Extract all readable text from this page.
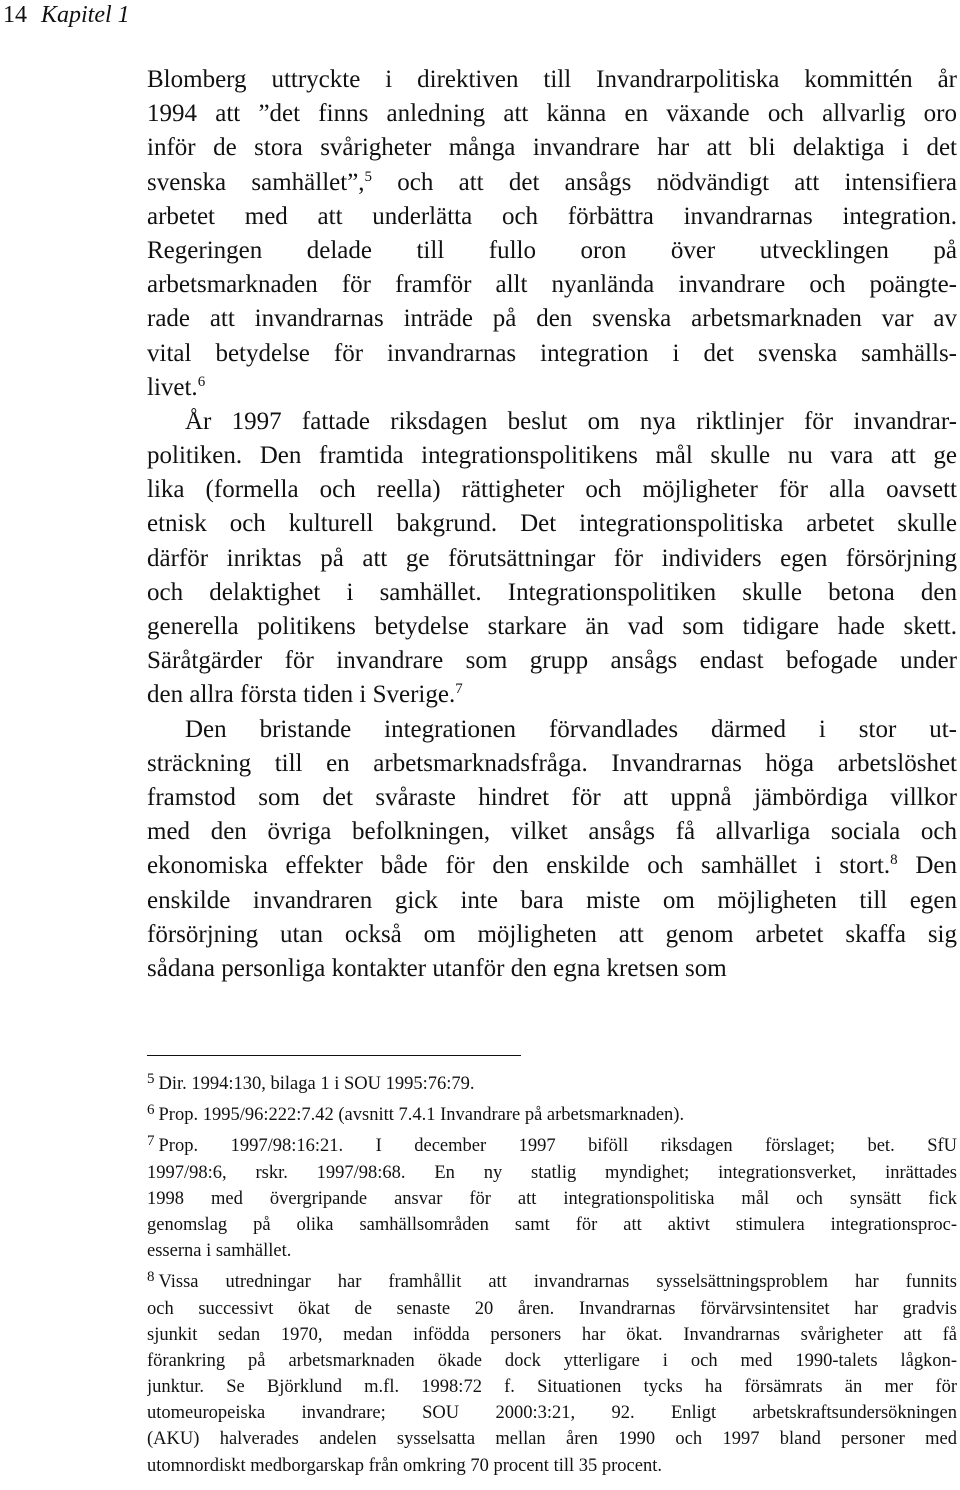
14 Kapitel 1
Blomberg uttryckte i direktiven till Invandrarpolitiska kommittén år
1994 att ”det finns anledning att känna en växande och allvarlig oro
inför de stora svårigheter många invandrare har att bli delaktiga i det
svenska samhället”,$^5$ och att det ansågs nödvändigt att intensifiera
arbetet med att underlätta och förbättra invandrarnas integration.
Regeringen delade till fullo oron över utvecklingen på
arbetsmarknaden för framför allt nyanlända invandrare och poängte-
rade att invandrarnas inträde på den svenska arbetsmarknaden var av
vital betydelse för invandrarnas integration i det svenska samhälls-
livet.$^6$
År 1997 fattade riksdagen beslut om nya riktlinjer för invandrar-
politiken. Den framtida integrationspolitikens mål skulle nu vara att ge
lika (formella och reella) rättigheter och möjligheter för alla oavsett
etnisk och kulturell bakgrund. Det integrationspolitiska arbetet skulle
därför inriktas på att ge förutsättningar för individers egen försörjning
och delaktighet i samhället. Integrationspolitiken skulle betona den
generella politikens betydelse starkare än vad som tidigare hade skett.
Säråtgärder för invandrare som grupp ansågs endast befogade under
den allra första tiden i Sverige.$^7$
Den bristande integrationen förvandlades därmed i stor ut-
sträckning till en arbetsmarknadsfråga. Invandrarnas höga arbetslöshet
framstod som det svåraste hindret för att uppnå jämbördiga villkor
med den övriga befolkningen, vilket ansågs få allvarliga sociala och
ekonomiska effekter både för den enskilde och samhället i stort.$^8$ Den
enskilde invandraren gick inte bara miste om möjligheten till egen
försörjning utan också om möjligheten att genom arbetet skaffa sig
sådana personliga kontakter utanför den egna kretsen som
$^5$ Dir. 1994:130, bilaga 1 i SOU 1995:76:79.
$^6$ Prop. 1995/96:222:7.42 (avsnitt 7.4.1 Invandrare på arbetsmarknaden).
$^7$ Prop. 1997/98:16:21. I december 1997 biföll riksdagen förslaget; bet. SfU
1997/98:6, rskr. 1997/98:68. En ny statlig myndighet; integrationsverket, inrättades
1998 med övergripande ansvar för att integrationspolitiska mål och synsätt fick
genomslag på olika samhällsområden samt för att aktivt stimulera integrationsproc-
esserna i samhället.
$^8$ Vissa utredningar har framhållit att invandrarnas sysselsättningsproblem har funnits
och successivt ökat de senaste 20 åren. Invandrarnas förvärvsintensitet har gradvis
sjunkit sedan 1970, medan infödda personers har ökat. Invandrarnas svårigheter att få
förankring på arbetsmarknaden ökade dock ytterligare i och med 1990-talets lågkon-
junktur. Se Björklund m.fl. 1998:72 f. Situationen tycks ha försämrats än mer för
utomeuropeiska invandrare; SOU 2000:3:21, 92. Enligt arbetskraftsundersökningen
(AKU) halverades andelen sysselsatta mellan åren 1990 och 1997 bland personer med
utomnordiskt medborgarskap från omkring 70 procent till 35 procent.
